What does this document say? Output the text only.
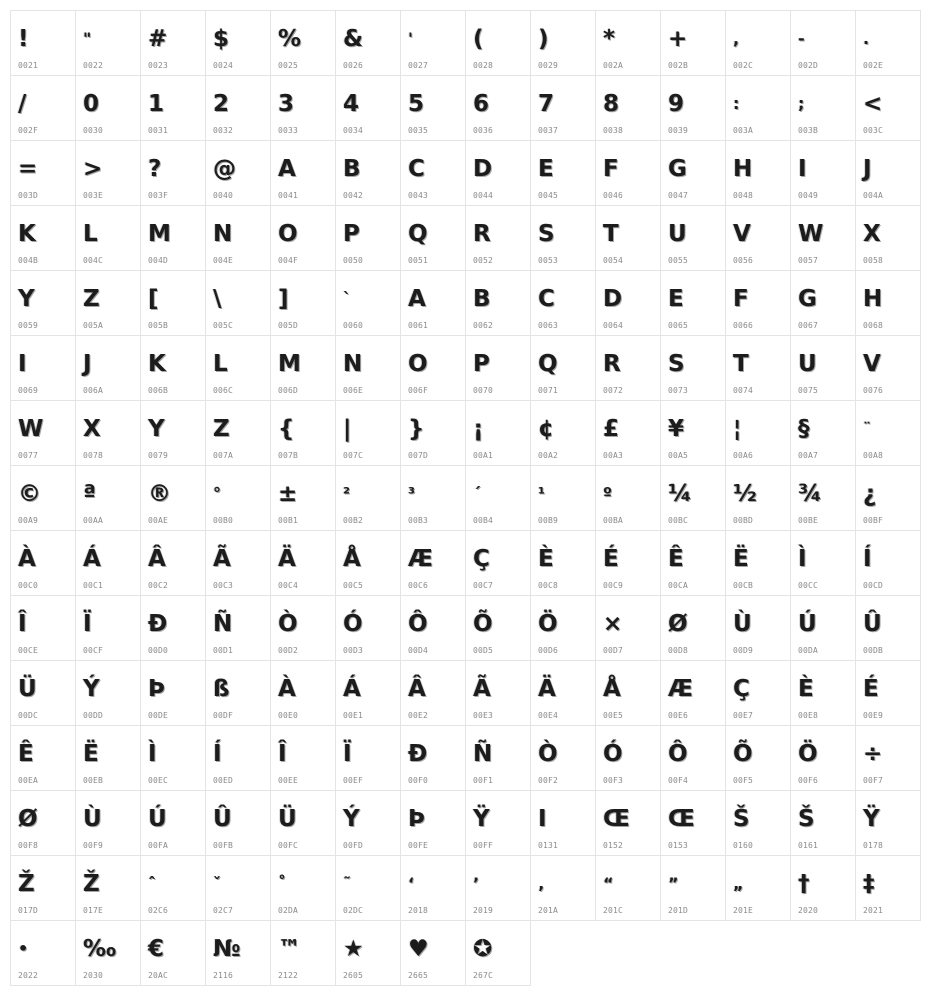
!
0021
"
0022
#
0023
$
0024
%
0025
&
0026
'
0027
(
0028
)
0029
*
002A
+
002B
,
002C
-
002D
.
002E
/
002F
0
0030
1
0031
2
0032
3
0033
4
0034
5
0035
6
0036
7
0037
8
0038
9
0039
:
003A
;
003B
<
003C
=
003D
>
003E
?
003F
@
0040
A
0041
B
0042
C
0043
D
0044
E
0045
F
0046
G
0047
H
0048
I
0049
J
004A
K
004B
L
004C
M
004D
N
004E
O
004F
P
0050
Q
0051
R
0052
S
0053
T
0054
U
0055
V
0056
W
0057
X
0058
Y
0059
Z
005A
[
005B
\
005C
]
005D
`
0060
A
0061
B
0062
C
0063
D
0064
E
0065
F
0066
G
0067
H
0068
I
0069
J
006A
K
006B
L
006C
M
006D
N
006E
O
006F
P
0070
Q
0071
R
0072
S
0073
T
0074
U
0075
V
0076
W
0077
X
0078
Y
0079
Z
007A
{
007B
|
007C
}
007D
¡
00A1
¢
00A2
£
00A3
¥
00A5
¦
00A6
§
00A7
¨
00A8
©
00A9
ª
00AA
®
00AE
°
00B0
±
00B1
²
00B2
³
00B3
´
00B4
¹
00B9
º
00BA
¼
00BC
½
00BD
¾
00BE
¿
00BF
À
00C0
Á
00C1
Â
00C2
Ã
00C3
Ä
00C4
Å
00C5
Æ
00C6
Ç
00C7
È
00C8
É
00C9
Ê
00CA
Ë
00CB
Ì
00CC
Í
00CD
Î
00CE
Ï
00CF
Ð
00D0
Ñ
00D1
Ò
00D2
Ó
00D3
Ô
00D4
Õ
00D5
Ö
00D6
×
00D7
Ø
00D8
Ù
00D9
Ú
00DA
Û
00DB
Ü
00DC
Ý
00DD
Þ
00DE
ß
00DF
À
00E0
Á
00E1
Â
00E2
Ã
00E3
Ä
00E4
Å
00E5
Æ
00E6
Ç
00E7
È
00E8
É
00E9
Ê
00EA
Ë
00EB
Ì
00EC
Í
00ED
Î
00EE
Ï
00EF
Ð
00F0
Ñ
00F1
Ò
00F2
Ó
00F3
Ô
00F4
Õ
00F5
Ö
00F6
÷
00F7
Ø
00F8
Ù
00F9
Ú
00FA
Û
00FB
Ü
00FC
Ý
00FD
Þ
00FE
Ÿ
00FF
I
0131
Œ
0152
Œ
0153
Š
0160
Š
0161
Ÿ
0178
Ž
017D
Ž
017E
ˆ
02C6
ˇ
02C7
˚
02DA
˜
02DC
‘
2018
’
2019
‚
201A
“
201C
”
201D
„
201E
†
2020
‡
2021
•
2022
‰
2030
€
20AC
№
2116
™
2122
★
2605
♥
2665
✪
267C
